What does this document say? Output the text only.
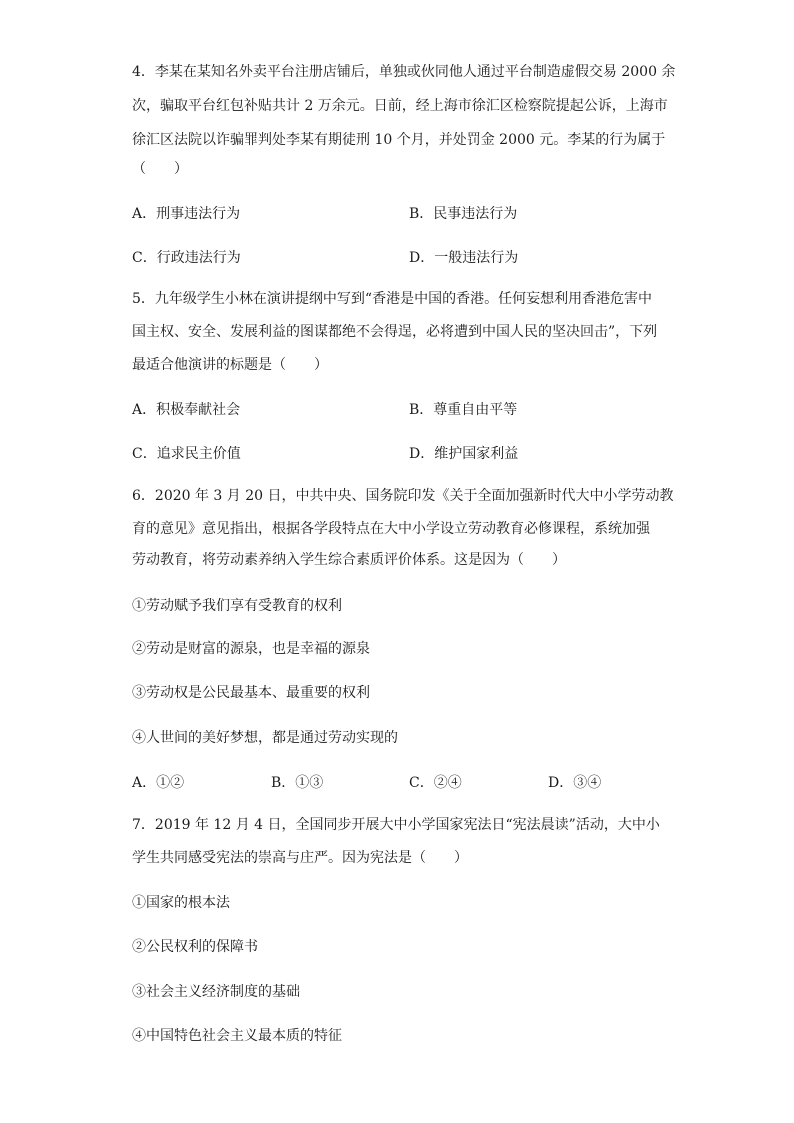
4．李某在某知名外卖平台注册店铺后，单独或伙同他人通过平台制造虚假交易 2000 余
次，骗取平台红包补贴共计 2 万余元。日前，经上海市徐汇区检察院提起公诉，上海市
徐汇区法院以诈骗罪判处李某有期徒刑 10 个月，并处罚金 2000 元。李某的行为属于
（　　）
A．刑事违法行为	B．民事违法行为
C．行政违法行为	D．一般违法行为
5．九年级学生小林在演讲提纲中写到“香港是中国的香港。任何妄想利用香港危害中
国主权、安全、发展利益的图谋都绝不会得逞，必将遭到中国人民的坚决回击”，下列
最适合他演讲的标题是（　　）
A．积极奉献社会	B．尊重自由平等
C．追求民主价值	D．维护国家利益
6．2020 年 3 月 20 日，中共中央、国务院印发《关于全面加强新时代大中小学劳动教
育的意见》意见指出，根据各学段特点在大中小学设立劳动教育必修课程，系统加强
劳动教育，将劳动素养纳入学生综合素质评价体系。这是因为（　　）
①劳动赋予我们享有受教育的权利
②劳动是财富的源泉，也是幸福的源泉
③劳动权是公民最基本、最重要的权利
④人世间的美好梦想，都是通过劳动实现的
A．①②	B．①③	C．②④	D．③④
7．2019 年 12 月 4 日，全国同步开展大中小学国家宪法日“宪法晨读”活动，大中小
学生共同感受宪法的崇高与庄严。因为宪法是（　　）
①国家的根本法
②公民权利的保障书
③社会主义经济制度的基础
④中国特色社会主义最本质的特征
